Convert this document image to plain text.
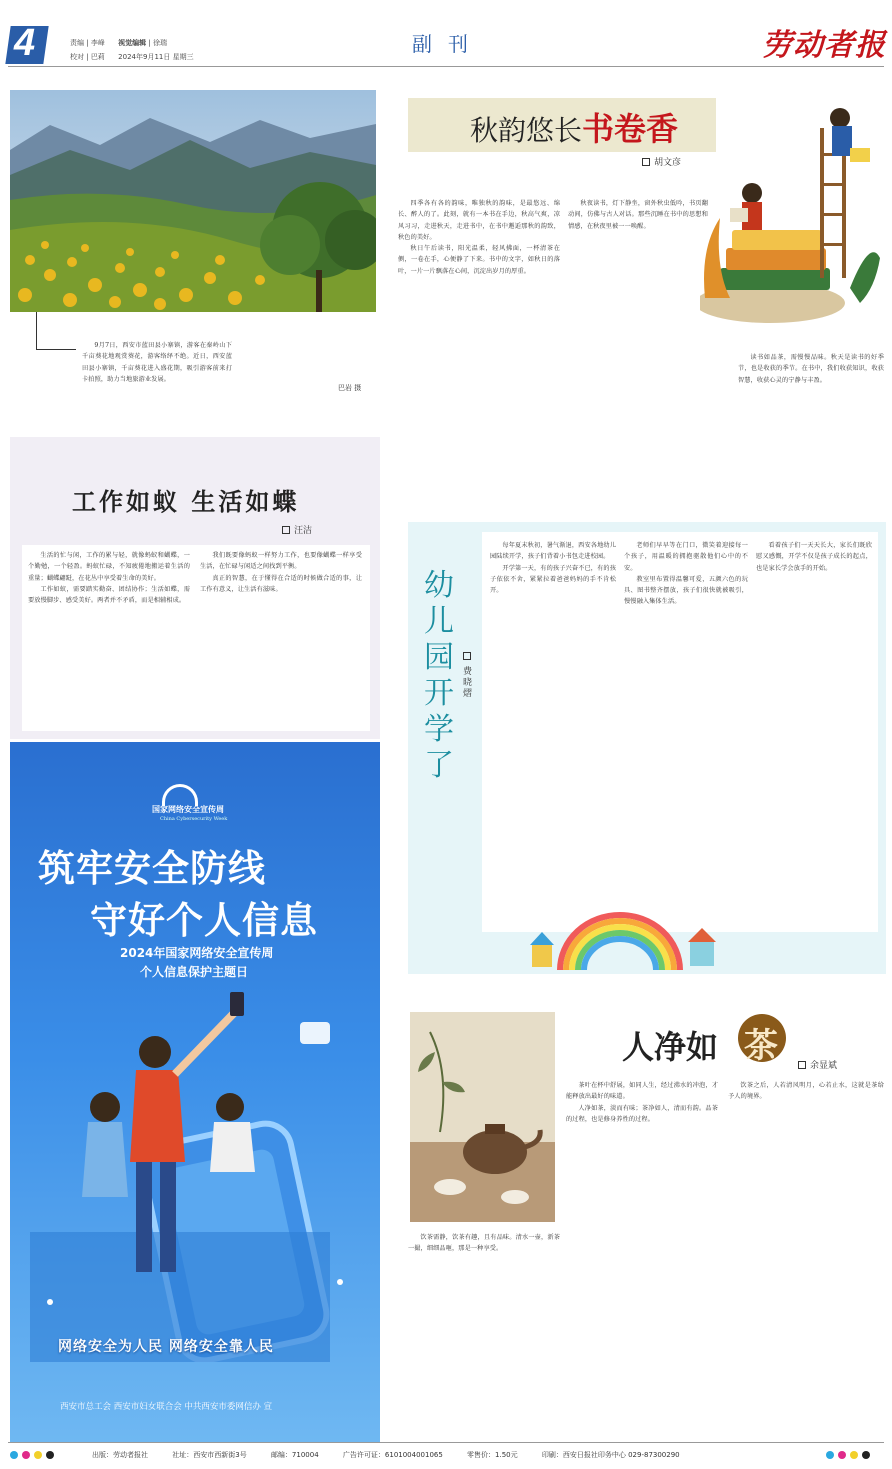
4	责编 | 李峰 视觉编辑 | 徐瑞
校对 | 巴莉 2024年9月11日 星期三
副刊	劳动者报
9月7日，西安市蓝田县小寨镇，游客在秦岭山下千亩葵花地观赏葵花，游客络绎不绝。近日，西安蓝田县小寨镇，千亩葵花进入盛花期，吸引游客前来打卡拍照，助力当地旅游业发展。
巴岩 摄
秋韵悠长书卷香
胡文彦

四季各有各的韵味，唯独秋的韵味，是最悠远、绵长、醉人的了。此刻，就有一本书在手边，秋高气爽，凉风习习，走进秋天，走进书中，在书中邂逅那秋的韵致，秋色的美好。

秋日午后读书，阳光温柔，轻风拂面，一杯清茶在侧，一卷在手，心便静了下来。书中的文字，如秋日的落叶，一片一片飘落在心间，沉淀出岁月的厚重。

秋夜读书，灯下静坐，窗外秋虫低吟，书页翻动间，仿佛与古人对话。那些沉睡在书中的思想和情感，在秋夜里被一一唤醒。

读书如品茶，需慢慢品味。秋天是读书的好季节，也是收获的季节。在书中，我们收获知识，收获智慧，收获心灵的宁静与丰盈。

工作如蚁 生活如蝶
汪洁

生活的忙与闲，工作的累与轻，就像蚂蚁和蝴蝶，一个勤勉，一个轻盈。蚂蚁忙碌，不知疲倦地搬运着生活的重量；蝴蝶翩跹，在花丛中享受着生命的美好。

工作如蚁，需要踏实勤奋、团结协作；生活如蝶，需要放慢脚步、感受美好。两者并不矛盾，而是相辅相成。

我们既要像蚂蚁一样努力工作，也要像蝴蝶一样享受生活，在忙碌与闲适之间找到平衡。

真正的智慧，在于懂得在合适的时候做合适的事，让工作有意义，让生活有滋味。

国家网络安全宣传周
China Cybersecurity Week
筑牢安全防线
守好个人信息
2024年国家网络安全宣传周
个人信息保护主题日
网络安全为人民 网络安全靠人民
西安市总工会 西安市妇女联合会 中共西安市委网信办 宣
幼儿园开学了
费晓熠

每年夏末秋初，暑气渐退，西安各地幼儿园陆续开学，孩子们背着小书包走进校园。

开学第一天，有的孩子兴奋不已，有的孩子依依不舍，紧紧拉着爸爸妈妈的手不肯松开。

老师们早早等在门口，微笑着迎接每一个孩子，用温暖的拥抱驱散他们心中的不安。

教室里布置得温馨可爱，五颜六色的玩具、图书整齐摆放，孩子们很快就被吸引，慢慢融入集体生活。

看着孩子们一天天长大，家长们既欣慰又感慨，开学不仅是孩子成长的起点，也是家长学会放手的开始。

人净如 茶	余显斌

饮茶需静，饮茶有趣，且有品味。清水一壶，新茶一撮，细细品咂，那是一种享受。

茶叶在杯中舒展，如同人生，经过沸水的冲泡，才能释放出最好的味道。

人净如茶，淡而有味；茶净如人，清而有韵。品茶的过程，也是修身养性的过程。

饮茶之后，人若清风明月，心若止水，这就是茶给予人的境界。

出版：劳动者报社	社址：西安市西新街3号	邮编：710004	广告许可证：6101004001065	零售价：1.50元	印刷：西安日报社印务中心 029-87300290
